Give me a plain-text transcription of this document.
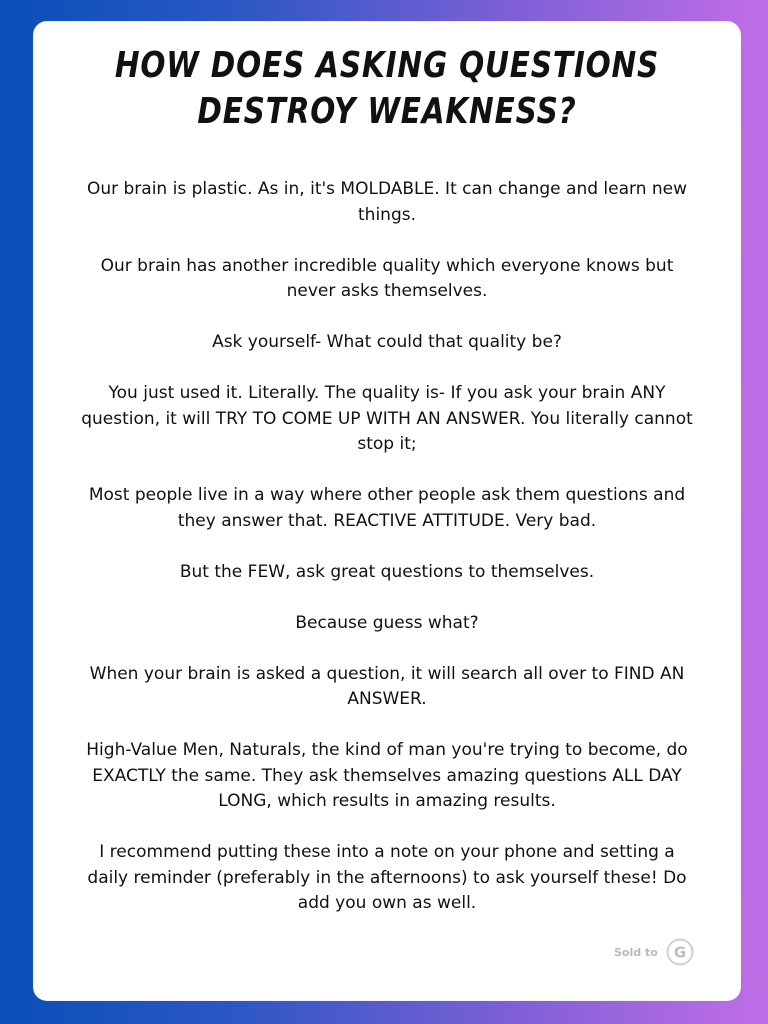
HOW DOES ASKING QUESTIONS
DESTROY WEAKNESS?

Our brain is plastic. As in, it's MOLDABLE. It can change and learn new things.

Our brain has another incredible quality which everyone knows but never asks themselves.

Ask yourself- What could that quality be?

You just used it. Literally. The quality is- If you ask your brain ANY question, it will TRY TO COME UP WITH AN ANSWER. You literally cannot stop it;

Most people live in a way where other people ask them questions and they answer that. REACTIVE ATTITUDE. Very bad.

But the FEW, ask great questions to themselves.

Because guess what?

When your brain is asked a question, it will search all over to FIND AN ANSWER.

High-Value Men, Naturals, the kind of man you're trying to become, do EXACTLY the same. They ask themselves amazing questions ALL DAY LONG, which results in amazing results.

I recommend putting these into a note on your phone and setting a daily reminder (preferably in the afternoons) to ask yourself these! Do add you own as well.

Sold to G
